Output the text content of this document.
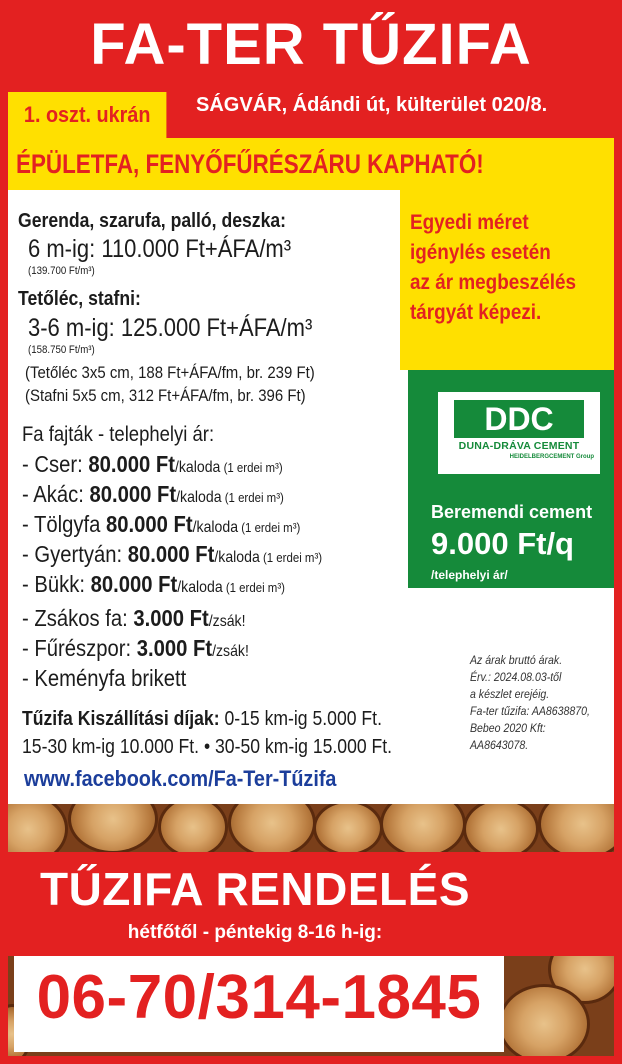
FA-TER TŰZIFA
1. oszt. ukrán	SÁGVÁR, Ádándi út, külterület 020/8.
ÉPÜLETFA, FENYŐFŰRÉSZÁRU KAPHATÓ!
Egyedi méret
igénylés esetén
az ár megbeszélés
tárgyát képezi.
DDC
DUNA-DRÁVA CEMENT
HEIDELBERGCEMENT Group
Beremendi cement
9.000 Ft/q
/telephelyi ár/
Gerenda, szarufa, palló, deszka:
6 m-ig: 110.000 Ft+ÁFA/m³
(139.700 Ft/m³)
Tetőléc, stafni:
3-6 m-ig: 125.000 Ft+ÁFA/m³
(158.750 Ft/m³)
(Tetőléc 3x5 cm, 188 Ft+ÁFA/fm, br. 239 Ft)
(Stafni 5x5 cm, 312 Ft+ÁFA/fm, br. 396 Ft)
Fa fajták - telephelyi ár:
- Cser: 80.000 Ft/kaloda (1 erdei m³)
- Akác: 80.000 Ft/kaloda (1 erdei m³)
- Tölgyfa 80.000 Ft/kaloda (1 erdei m³)
- Gyertyán: 80.000 Ft/kaloda (1 erdei m³)
- Bükk: 80.000 Ft/kaloda (1 erdei m³)
- Zsákos fa: 3.000 Ft/zsák!
- Fűrészpor: 3.000 Ft/zsák!
- Keményfa brikett
Tűzifa Kiszállítási díjak: 0-15 km-ig 5.000 Ft.
15-30 km-ig 10.000 Ft. • 30-50 km-ig 15.000 Ft.
Az árak bruttó árak.
Érv.: 2024.08.03-től
a készlet erejéig.
Fa-ter tűzifa: AA8638870,
Bebeo 2020 Kft:
AA8643078.
www.facebook.com/Fa-Ter-Tűzifa
TŰZIFA RENDELÉS
hétfőtől - péntekig 8-16 h-ig:
06-70/314-1845
